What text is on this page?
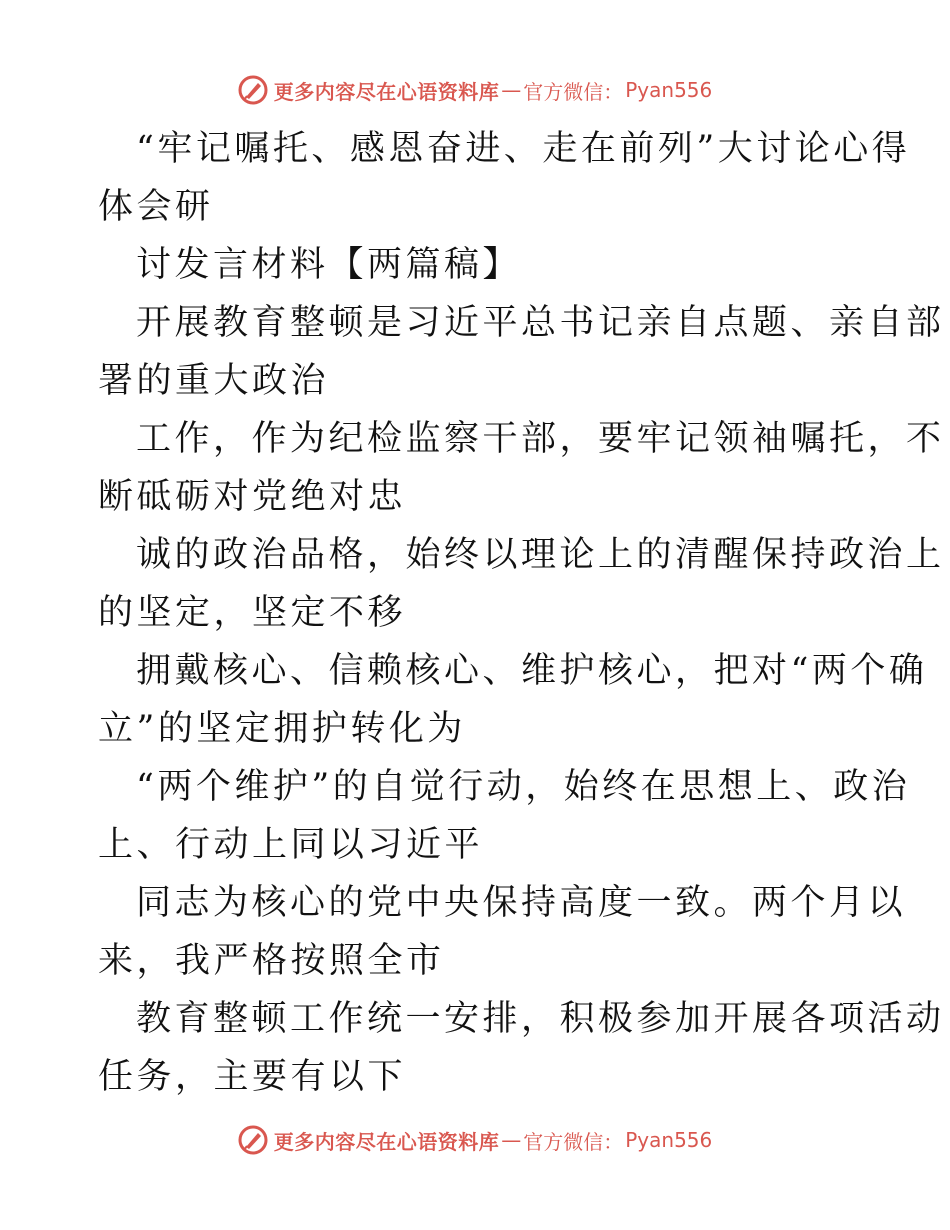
更多内容尽在心语资料库 — 官方微信： Pyan556

“牢记嘱托、感恩奋进、走在前列”大讨论心得

体会研

讨发言材料【两篇稿】

开展教育整顿是习近平总书记亲自点题、亲自部

署的重大政治

工作，作为纪检监察干部，要牢记领袖嘱托，不

断砥砺对党绝对忠

诚的政治品格，始终以理论上的清醒保持政治上

的坚定，坚定不移

拥戴核心、信赖核心、维护核心，把对“两个确

立”的坚定拥护转化为

“两个维护”的自觉行动，始终在思想上、政治

上、行动上同以习近平

同志为核心的党中央保持高度一致。两个月以

来，我严格按照全市

教育整顿工作统一安排，积极参加开展各项活动

任务，主要有以下

更多内容尽在心语资料库 — 官方微信： Pyan556
